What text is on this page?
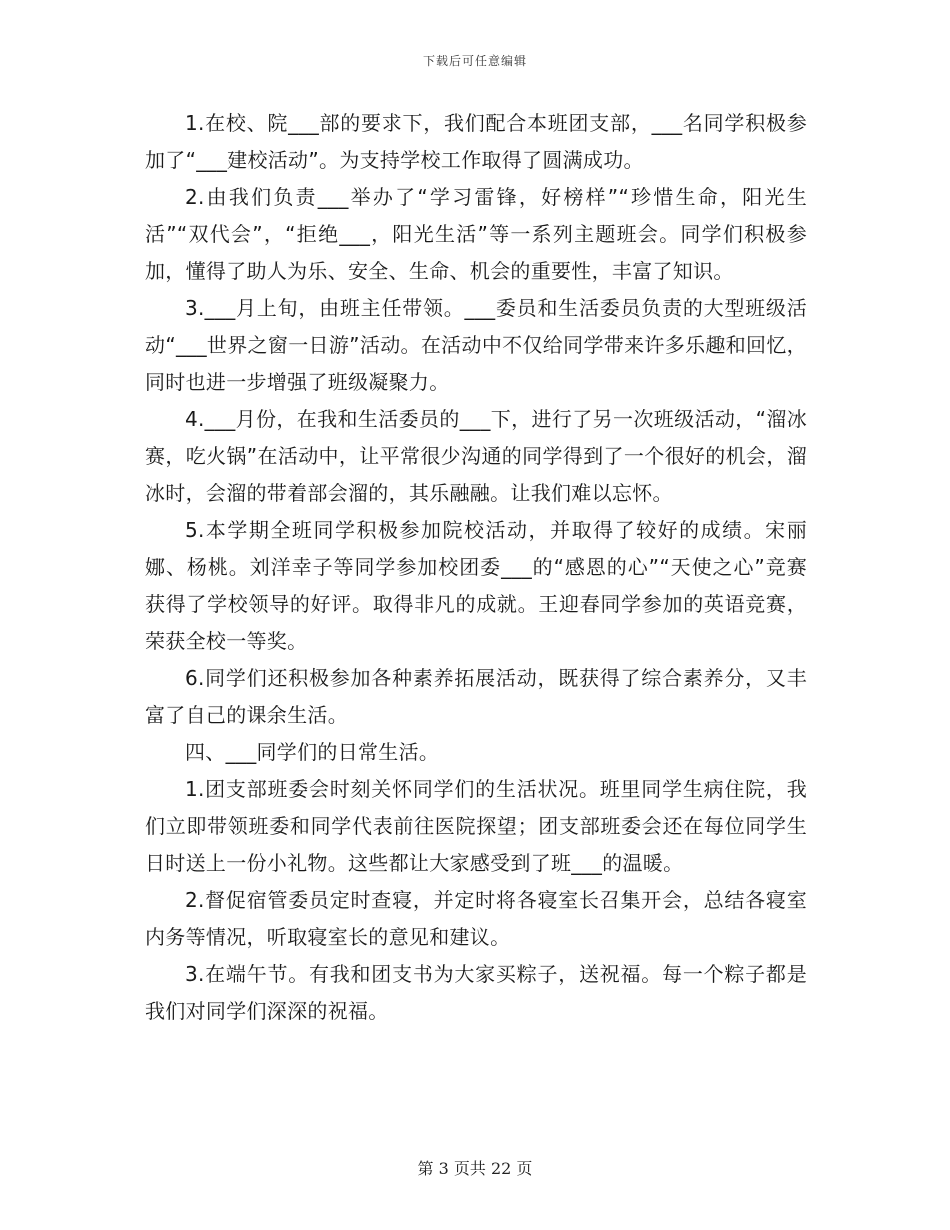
下载后可任意编辑

1.在校、院___部的要求下，我们配合本班团支部，___名同学积极参加了“___建校活动”。为支持学校工作取得了圆满成功。

2.由我们负责___举办了“学习雷锋，好榜样”“珍惜生命，阳光生活”“双代会”，“拒绝___，阳光生活”等一系列主题班会。同学们积极参加，懂得了助人为乐、安全、生命、机会的重要性，丰富了知识。

3.___月上旬，由班主任带领。___委员和生活委员负责的大型班级活动“___世界之窗一日游”活动。在活动中不仅给同学带来许多乐趣和回忆，同时也进一步增强了班级凝聚力。

4.___月份，在我和生活委员的___下，进行了另一次班级活动，“溜冰赛，吃火锅”在活动中，让平常很少沟通的同学得到了一个很好的机会，溜冰时，会溜的带着部会溜的，其乐融融。让我们难以忘怀。

5.本学期全班同学积极参加院校活动，并取得了较好的成绩。宋丽娜、杨桃。刘洋幸子等同学参加校团委___的“感恩的心”“天使之心”竞赛获得了学校领导的好评。取得非凡的成就。王迎春同学参加的英语竞赛，荣获全校一等奖。

6.同学们还积极参加各种素养拓展活动，既获得了综合素养分，又丰富了自己的课余生活。

四、___同学们的日常生活。

1.团支部班委会时刻关怀同学们的生活状况。班里同学生病住院，我们立即带领班委和同学代表前往医院探望；团支部班委会还在每位同学生日时送上一份小礼物。这些都让大家感受到了班___的温暖。

2.督促宿管委员定时查寝，并定时将各寝室长召集开会，总结各寝室内务等情况，听取寝室长的意见和建议。

3.在端午节。有我和团支书为大家买粽子，送祝福。每一个粽子都是我们对同学们深深的祝福。

第 3 页共 22 页
